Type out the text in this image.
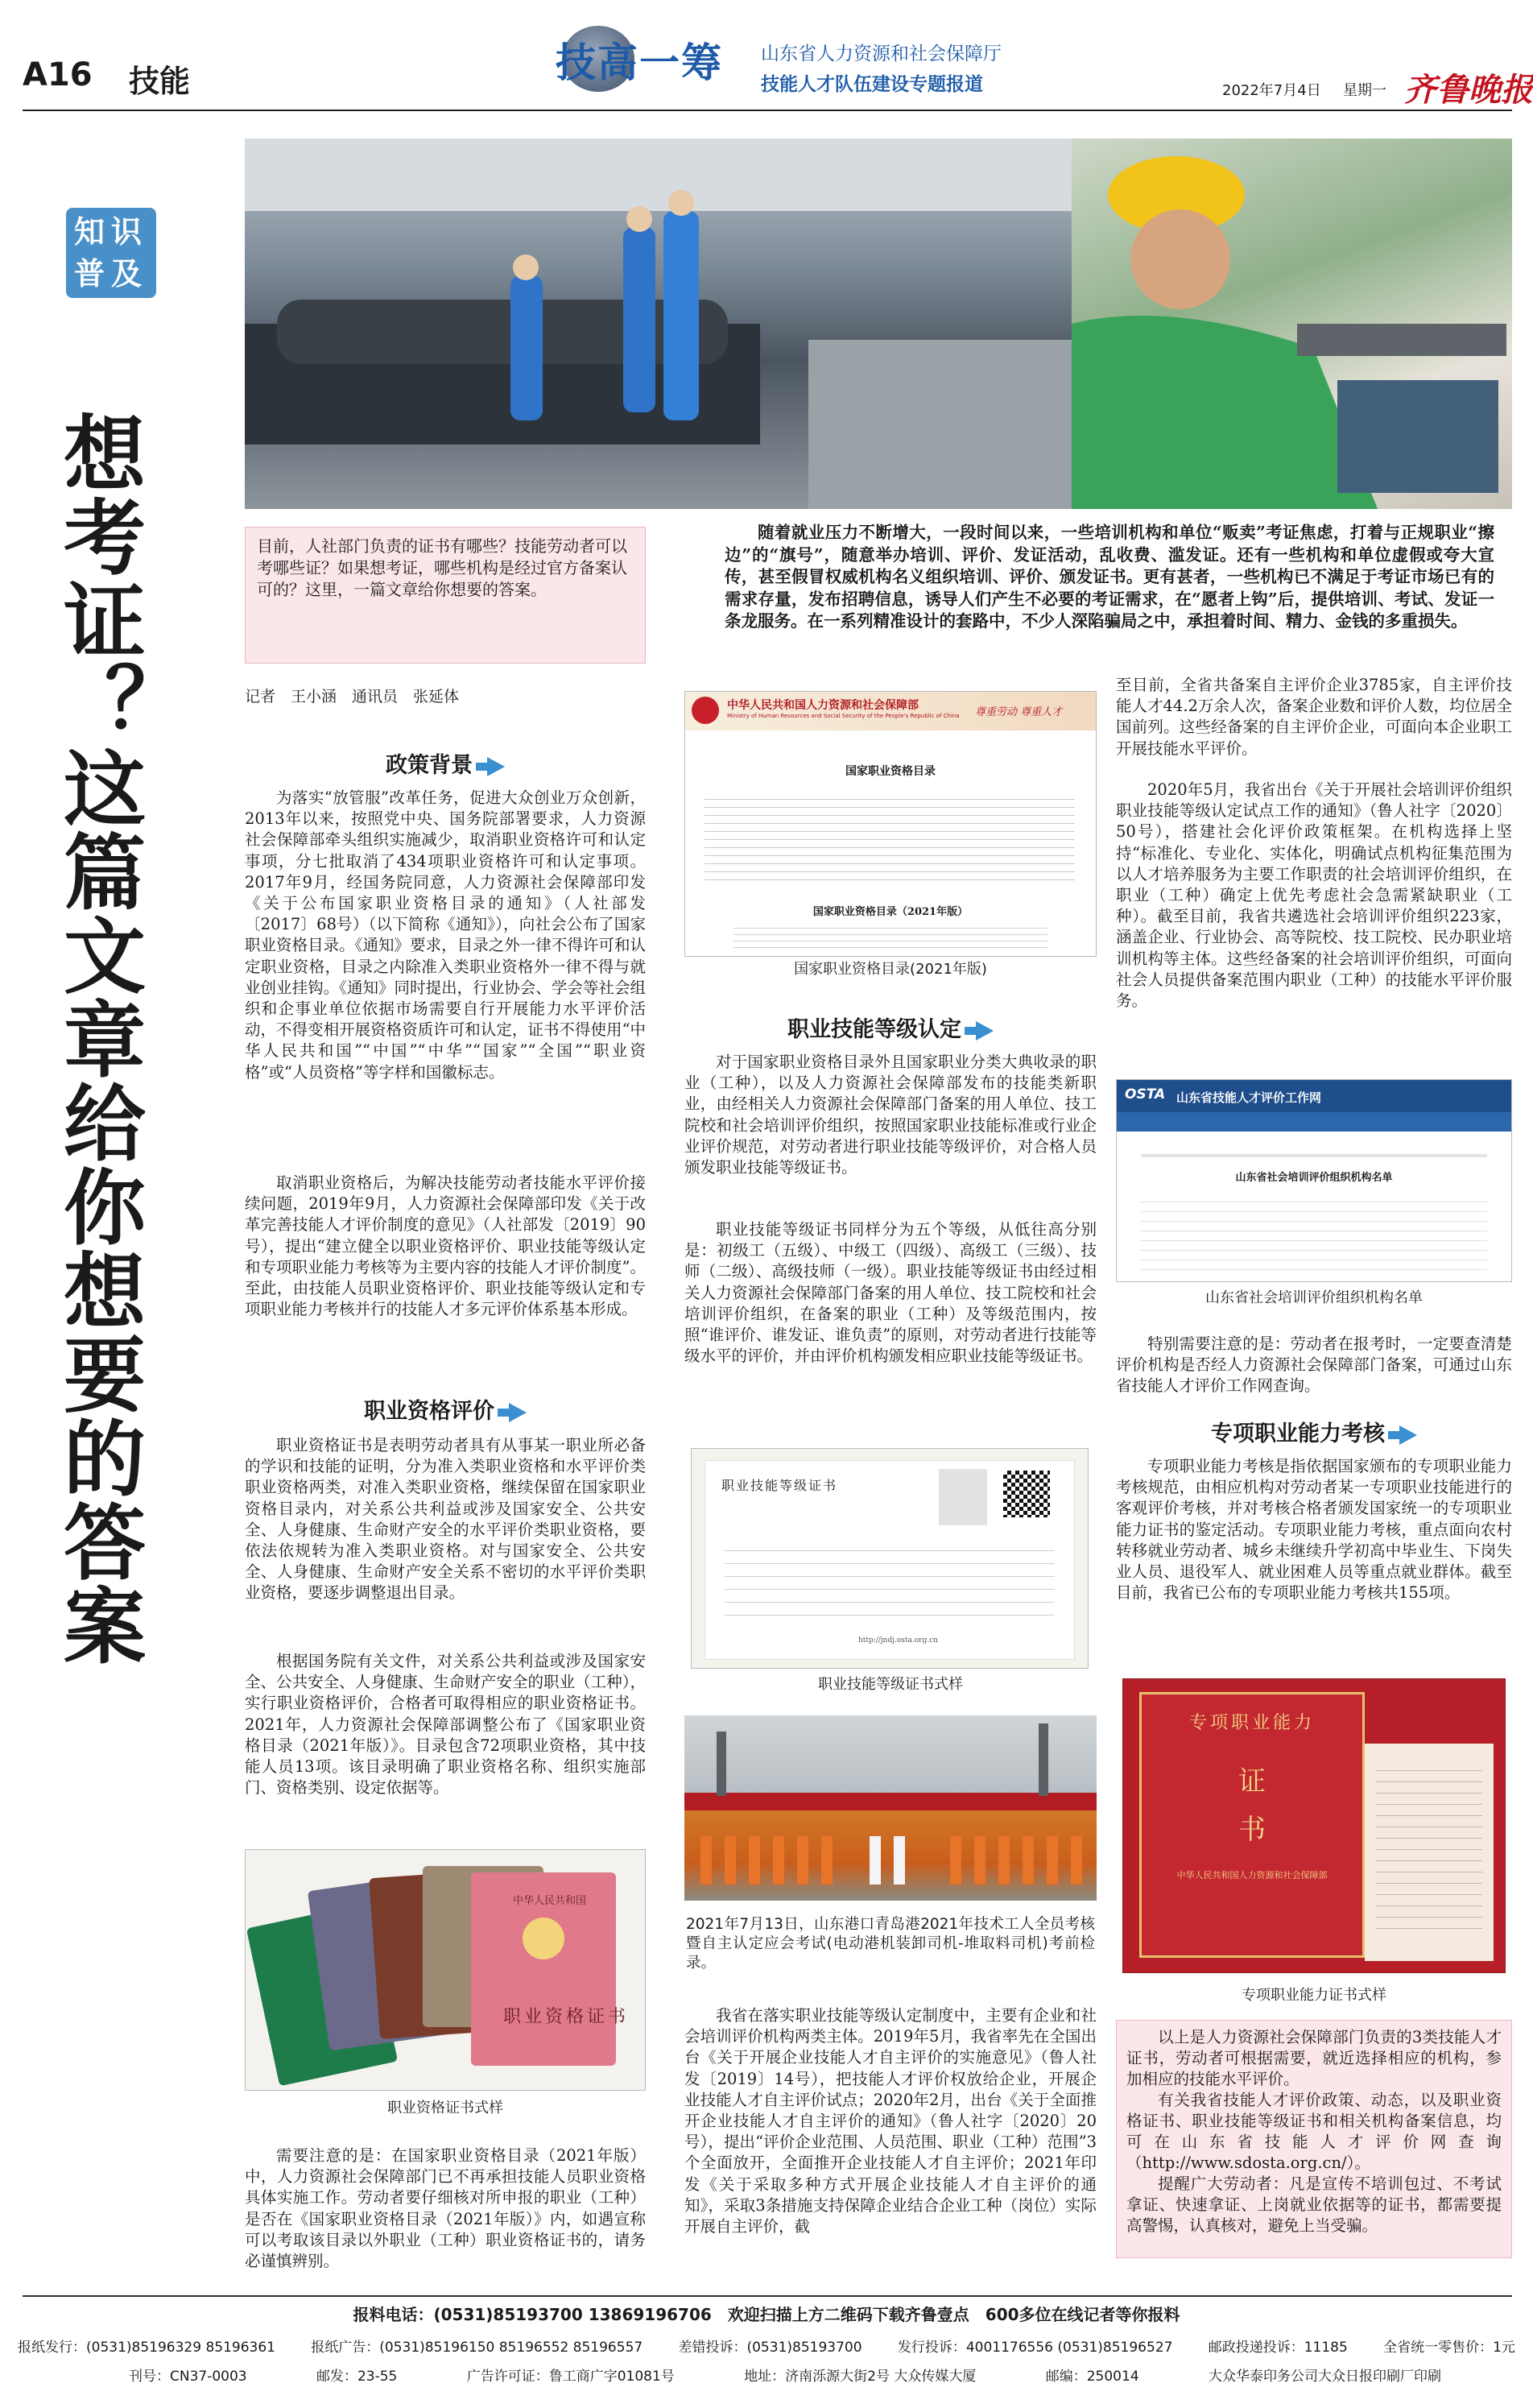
A16 技能	技高一筹 山东省人力资源和社会保障厅
技能人才队伍建设专题报道	2022年7月4日 星期一 齐鲁晚报
知识
普及
想考证？这篇文章给你想要的答案	目前，人社部门负责的证书有哪些？技能劳动者可以考哪些证？如果想考证，哪些机构是经过官方备案认可的？这里，一篇文章给你想要的答案。
随着就业压力不断增大，一段时间以来，一些培训机构和单位“贩卖”考证焦虑，打着与正规职业“擦边”的“旗号”，随意举办培训、评价、发证活动，乱收费、滥发证。还有一些机构和单位虚假或夸大宣传，甚至假冒权威机构名义组织培训、评价、颁发证书。更有甚者，一些机构已不满足于考证市场已有的需求存量，发布招聘信息，诱导人们产生不必要的考证需求，在“愿者上钩”后，提供培训、考试、发证一条龙服务。在一系列精准设计的套路中，不少人深陷骗局之中，承担着时间、精力、金钱的多重损失。
记者　王小涵　通讯员　张延体
政策背景
为落实“放管服”改革任务，促进大众创业万众创新，2013年以来，按照党中央、国务院部署要求，人力资源社会保障部牵头组织实施减少，取消职业资格许可和认定事项，分七批取消了434项职业资格许可和认定事项。2017年9月，经国务院同意，人力资源社会保障部印发《关于公布国家职业资格目录的通知》（人社部发〔2017〕68号）（以下简称《通知》），向社会公布了国家职业资格目录。《通知》要求，目录之外一律不得许可和认定职业资格，目录之内除准入类职业资格外一律不得与就业创业挂钩。《通知》同时提出，行业协会、学会等社会组织和企事业单位依据市场需要自行开展能力水平评价活动，不得变相开展资格资质许可和认定，证书不得使用“中华人民共和国”“中国”“中华”“国家”“全国”“职业资格”或“人员资格”等字样和国徽标志。
取消职业资格后，为解决技能劳动者技能水平评价接续问题，2019年9月，人力资源社会保障部印发《关于改革完善技能人才评价制度的意见》（人社部发〔2019〕90号），提出“建立健全以职业资格评价、职业技能等级认定和专项职业能力考核等为主要内容的技能人才评价制度”。至此，由技能人员职业资格评价、职业技能等级认定和专项职业能力考核并行的技能人才多元评价体系基本形成。
职业资格评价
职业资格证书是表明劳动者具有从事某一职业所必备的学识和技能的证明，分为准入类职业资格和水平评价类职业资格两类，对准入类职业资格，继续保留在国家职业资格目录内，对关系公共利益或涉及国家安全、公共安全、人身健康、生命财产安全的水平评价类职业资格，要依法依规转为准入类职业资格。对与国家安全、公共安全、人身健康、生命财产安全关系不密切的水平评价类职业资格，要逐步调整退出目录。
根据国务院有关文件，对关系公共利益或涉及国家安全、公共安全、人身健康、生命财产安全的职业（工种），实行职业资格评价，合格者可取得相应的职业资格证书。2021年，人力资源社会保障部调整公布了《国家职业资格目录（2021年版）》。目录包含72项职业资格，其中技能人员13项。该目录明确了职业资格名称、组织实施部门、资格类别、设定依据等。
中华人民共和国
职业资格证书
职业资格证书式样
需要注意的是：在国家职业资格目录（2021年版）中，人力资源社会保障部门已不再承担技能人员职业资格具体实施工作。劳动者要仔细核对所申报的职业（工种）是否在《国家职业资格目录（2021年版）》内，如遇宣称可以考取该目录以外职业（工种）职业资格证书的，请务必谨慎辨别。
中华人民共和国人力资源和社会保障部
Ministry of Human Resources and Social Security of the People's Republic of China 尊重劳动 尊重人才
国家职业资格目录
国家职业资格目录（2021年版）
国家职业资格目录(2021年版)
职业技能等级认定
对于国家职业资格目录外且国家职业分类大典收录的职业（工种），以及人力资源社会保障部发布的技能类新职业，由经相关人力资源社会保障部门备案的用人单位、技工院校和社会培训评价组织，按照国家职业技能标准或行业企业评价规范，对劳动者进行职业技能等级评价，对合格人员颁发职业技能等级证书。
职业技能等级证书同样分为五个等级，从低往高分别是：初级工（五级）、中级工（四级）、高级工（三级）、技师（二级）、高级技师（一级）。职业技能等级证书由经过相关人力资源社会保障部门备案的用人单位、技工院校和社会培训评价组织，在备案的职业（工种）及等级范围内，按照“谁评价、谁发证、谁负责”的原则，对劳动者进行技能等级水平的评价，并由评价机构颁发相应职业技能等级证书。
职业技能等级证书
http://jndj.osta.org.cn
职业技能等级证书式样
2021年7月13日，山东港口青岛港2021年技术工人全员考核暨自主认定应会考试(电动港机装卸司机-堆取料司机)考前检录。
我省在落实职业技能等级认定制度中，主要有企业和社会培训评价机构两类主体。2019年5月，我省率先在全国出台《关于开展企业技能人才自主评价的实施意见》（鲁人社发〔2019〕14号），把技能人才评价权放给企业，开展企业技能人才自主评价试点；2020年2月，出台《关于全面推开企业技能人才自主评价的通知》（鲁人社字〔2020〕20号），提出“评价企业范围、人员范围、职业（工种）范围”3个全面放开，全面推开企业技能人才自主评价；2021年印发《关于采取多种方式开展企业技能人才自主评价的通知》，采取3条措施支持保障企业结合企业工种（岗位）实际开展自主评价，截
至目前，全省共备案自主评价企业3785家，自主评价技能人才44.2万余人次，备案企业数和评价人数，均位居全国前列。这些经备案的自主评价企业，可面向本企业职工开展技能水平评价。
2020年5月，我省出台《关于开展社会培训评价组织职业技能等级认定试点工作的通知》（鲁人社字〔2020〕50号），搭建社会化评价政策框架。在机构选择上坚持“标准化、专业化、实体化，明确试点机构征集范围为以人才培养服务为主要工作职责的社会培训评价组织，在职业（工种）确定上优先考虑社会急需紧缺职业（工种）。截至目前，我省共遴选社会培训评价组织223家，涵盖企业、行业协会、高等院校、技工院校、民办职业培训机构等主体。这些经备案的社会培训评价组织，可面向社会人员提供备案范围内职业（工种）的技能水平评价服务。
OSTA 山东省技能人才评价工作网
山东省社会培训评价组织机构名单
山东省社会培训评价组织机构名单
特别需要注意的是：劳动者在报考时，一定要查清楚评价机构是否经人力资源社会保障部门备案，可通过山东省技能人才评价工作网查询。
专项职业能力考核
专项职业能力考核是指依据国家颁布的专项职业能力考核规范，由相应机构对劳动者某一专项职业技能进行的客观评价考核，并对考核合格者颁发国家统一的专项职业能力证书的鉴定活动。专项职业能力考核，重点面向农村转移就业劳动者、城乡未继续升学初高中毕业生、下岗失业人员、退役军人、就业困难人员等重点就业群体。截至目前，我省已公布的专项职业能力考核共155项。
专项职业能力
证
书
中华人民共和国人力资源和社会保障部
专项职业能力证书式样

以上是人力资源社会保障部门负责的3类技能人才证书，劳动者可根据需要，就近选择相应的机构，参加相应的技能水平评价。

有关我省技能人才评价政策、动态，以及职业资格证书、职业技能等级证书和相关机构备案信息，均可在山东省技能人才评价网查询（http://www.sdosta.org.cn/）。

提醒广大劳动者：凡是宣传不培训包过、不考试拿证、快速拿证、上岗就业依据等的证书，都需要提高警惕，认真核对，避免上当受骗。

报料电话：(0531)85193700 13869196706　欢迎扫描上方二维码下载齐鲁壹点　600多位在线记者等你报料
报纸发行：(0531)85196329 85196361	报纸广告：(0531)85196150 85196552 85196557	差错投诉：(0531)85193700	发行投诉：4001176556 (0531)85196527	邮政投递投诉：11185	全省统一零售价：1元
刊号：CN37-0003	邮发：23-55	广告许可证：鲁工商广字01081号	地址：济南泺源大街2号 大众传媒大厦	邮编：250014	大众华泰印务公司大众日报印刷厂印刷
